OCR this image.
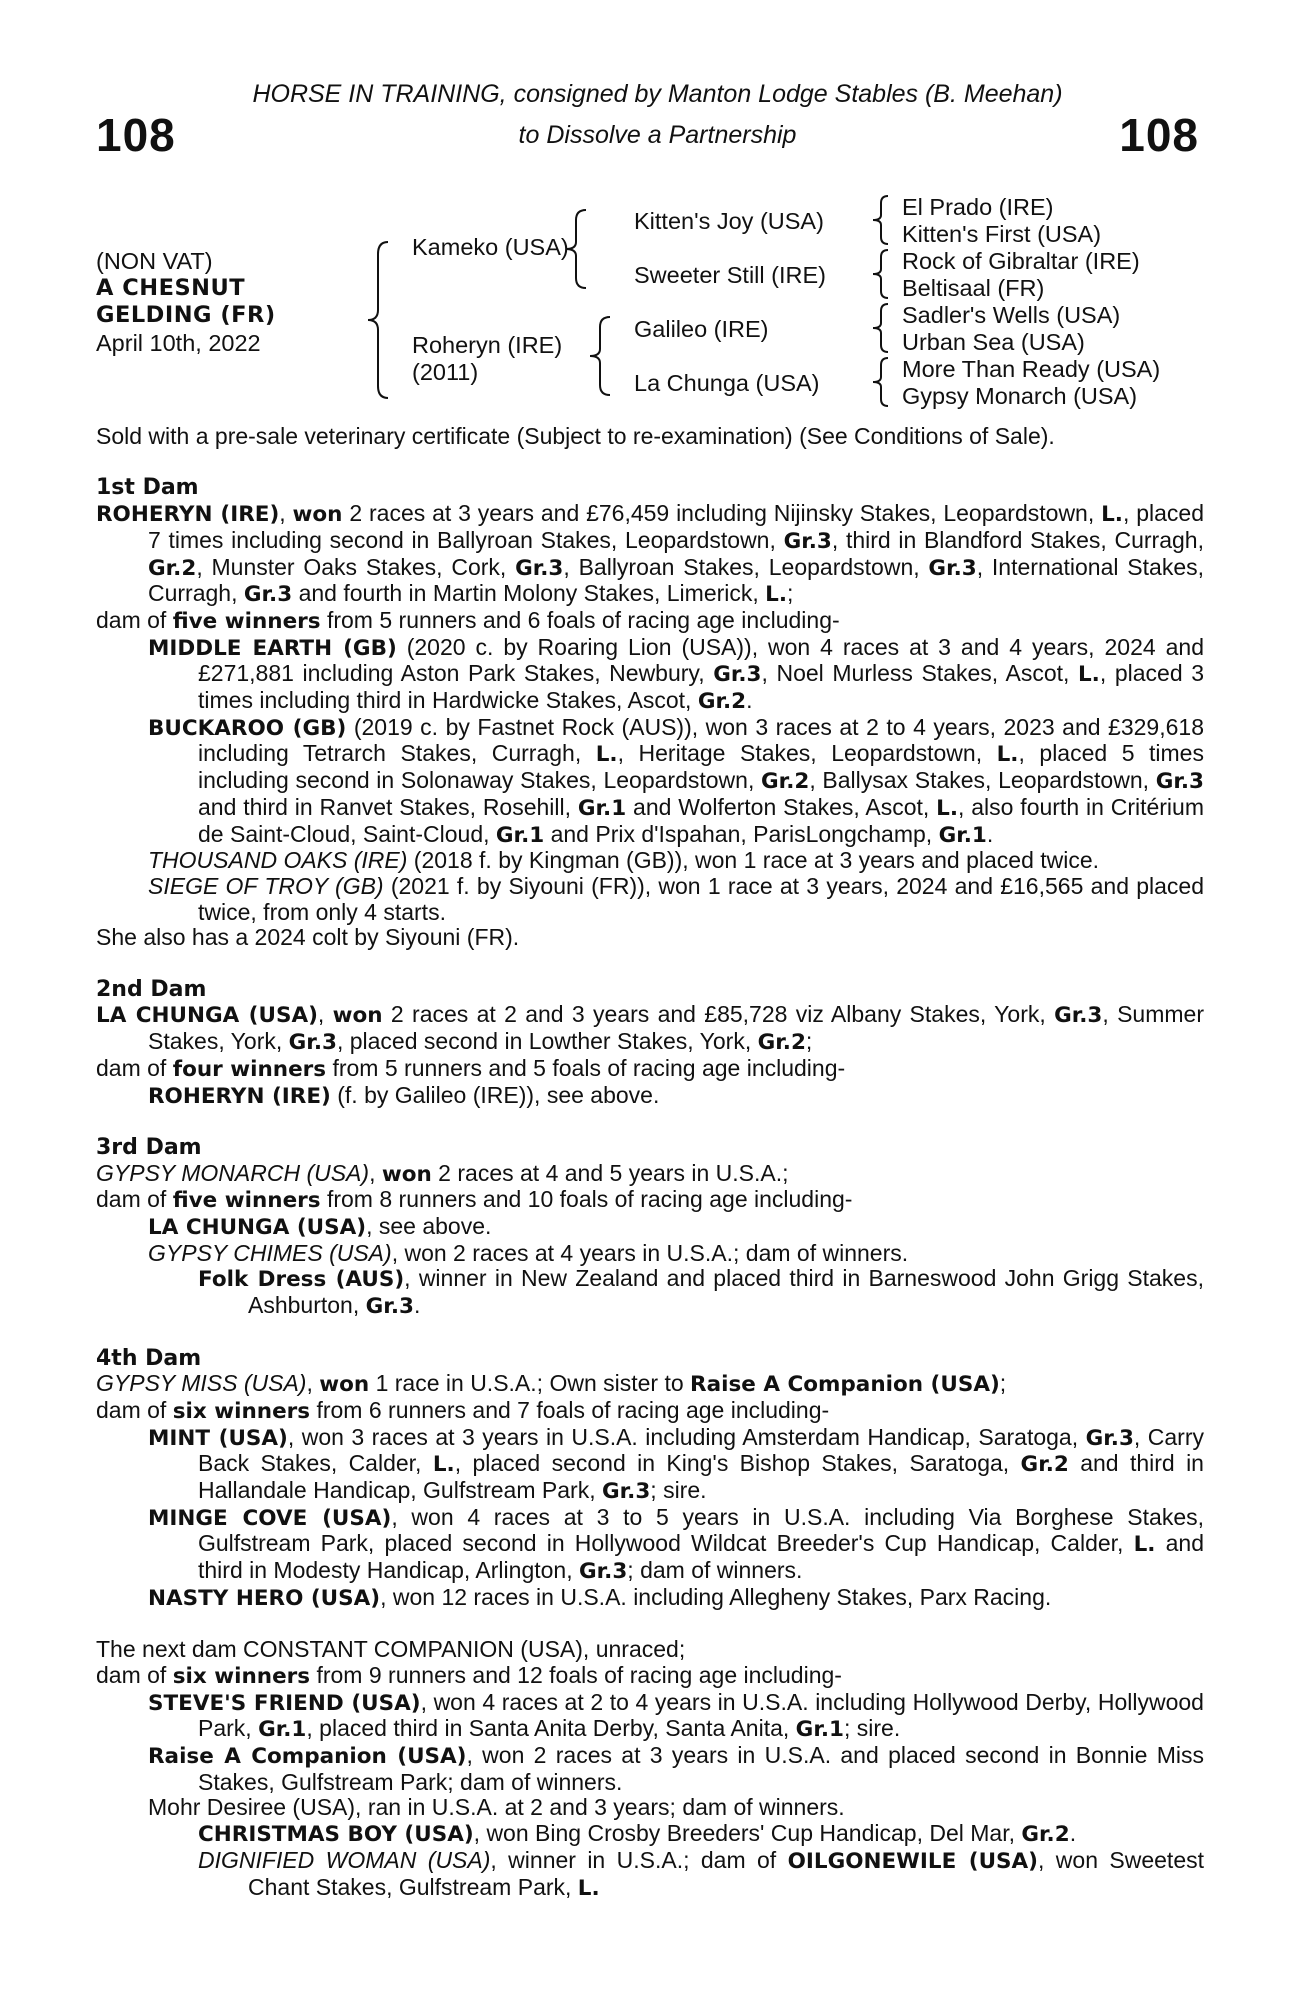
108	108
HORSE IN TRAINING, consigned by Manton Lodge Stables (B. Meehan)
to Dissolve a Partnership
(NON VAT)
A CHESNUT
GELDING (FR)
April 10th, 2022
Kameko (USA)
Roheryn (IRE)
(2011)
Kitten's Joy (USA)
Sweeter Still (IRE)
Galileo (IRE)
La Chunga (USA)
El Prado (IRE)
Kitten's First (USA)
Rock of Gibraltar (IRE)
Beltisaal (FR)
Sadler's Wells (USA)
Urban Sea (USA)
More Than Ready (USA)
Gypsy Monarch (USA)

Sold with a pre-sale veterinary certificate (Subject to re-examination) (See Conditions of Sale).

1st Dam

ROHERYN (IRE), won 2 races at 3 years and £76,459 including Nijinsky Stakes, Leopardstown, L., placed 7 times including second in Ballyroan Stakes, Leopardstown, Gr.3, third in Blandford Stakes, Curragh, Gr.2, Munster Oaks Stakes, Cork, Gr.3, Ballyroan Stakes, Leopardstown, Gr.3, International Stakes, Curragh, Gr.3 and fourth in Martin Molony Stakes, Limerick, L.;

dam of five winners from 5 runners and 6 foals of racing age including-

MIDDLE EARTH (GB) (2020 c. by Roaring Lion (USA)), won 4 races at 3 and 4 years, 2024 and £271,881 including Aston Park Stakes, Newbury, Gr.3, Noel Murless Stakes, Ascot, L., placed 3 times including third in Hardwicke Stakes, Ascot, Gr.2.

BUCKAROO (GB) (2019 c. by Fastnet Rock (AUS)), won 3 races at 2 to 4 years, 2023 and £329,618 including Tetrarch Stakes, Curragh, L., Heritage Stakes, Leopardstown, L., placed 5 times including second in Solonaway Stakes, Leopardstown, Gr.2, Ballysax Stakes, Leopardstown, Gr.3 and third in Ranvet Stakes, Rosehill, Gr.1 and Wolferton Stakes, Ascot, L., also fourth in Critérium de Saint-Cloud, Saint-Cloud, Gr.1 and Prix d'Ispahan, ParisLongchamp, Gr.1.

THOUSAND OAKS (IRE) (2018 f. by Kingman (GB)), won 1 race at 3 years and placed twice.

SIEGE OF TROY (GB) (2021 f. by Siyouni (FR)), won 1 race at 3 years, 2024 and £16,565 and placed twice, from only 4 starts.

She also has a 2024 colt by Siyouni (FR).

2nd Dam

LA CHUNGA (USA), won 2 races at 2 and 3 years and £85,728 viz Albany Stakes, York, Gr.3, Summer Stakes, York, Gr.3, placed second in Lowther Stakes, York, Gr.2;

dam of four winners from 5 runners and 5 foals of racing age including-

ROHERYN (IRE) (f. by Galileo (IRE)), see above.

3rd Dam

GYPSY MONARCH (USA), won 2 races at 4 and 5 years in U.S.A.;

dam of five winners from 8 runners and 10 foals of racing age including-

LA CHUNGA (USA), see above.

GYPSY CHIMES (USA), won 2 races at 4 years in U.S.A.; dam of winners.

Folk Dress (AUS), winner in New Zealand and placed third in Barneswood John Grigg Stakes, Ashburton, Gr.3.

4th Dam

GYPSY MISS (USA), won 1 race in U.S.A.; Own sister to Raise A Companion (USA);

dam of six winners from 6 runners and 7 foals of racing age including-

MINT (USA), won 3 races at 3 years in U.S.A. including Amsterdam Handicap, Saratoga, Gr.3, Carry Back Stakes, Calder, L., placed second in King's Bishop Stakes, Saratoga, Gr.2 and third in Hallandale Handicap, Gulfstream Park, Gr.3; sire.

MINGE COVE (USA), won 4 races at 3 to 5 years in U.S.A. including Via Borghese Stakes, Gulfstream Park, placed second in Hollywood Wildcat Breeder's Cup Handicap, Calder, L. and third in Modesty Handicap, Arlington, Gr.3; dam of winners.

NASTY HERO (USA), won 12 races in U.S.A. including Allegheny Stakes, Parx Racing.

The next dam CONSTANT COMPANION (USA), unraced;

dam of six winners from 9 runners and 12 foals of racing age including-

STEVE'S FRIEND (USA), won 4 races at 2 to 4 years in U.S.A. including Hollywood Derby, Hollywood Park, Gr.1, placed third in Santa Anita Derby, Santa Anita, Gr.1; sire.

Raise A Companion (USA), won 2 races at 3 years in U.S.A. and placed second in Bonnie Miss Stakes, Gulfstream Park; dam of winners.

Mohr Desiree (USA), ran in U.S.A. at 2 and 3 years; dam of winners.

CHRISTMAS BOY (USA), won Bing Crosby Breeders' Cup Handicap, Del Mar, Gr.2.

DIGNIFIED WOMAN (USA), winner in U.S.A.; dam of OILGONEWILE (USA), won Sweetest Chant Stakes, Gulfstream Park, L.
